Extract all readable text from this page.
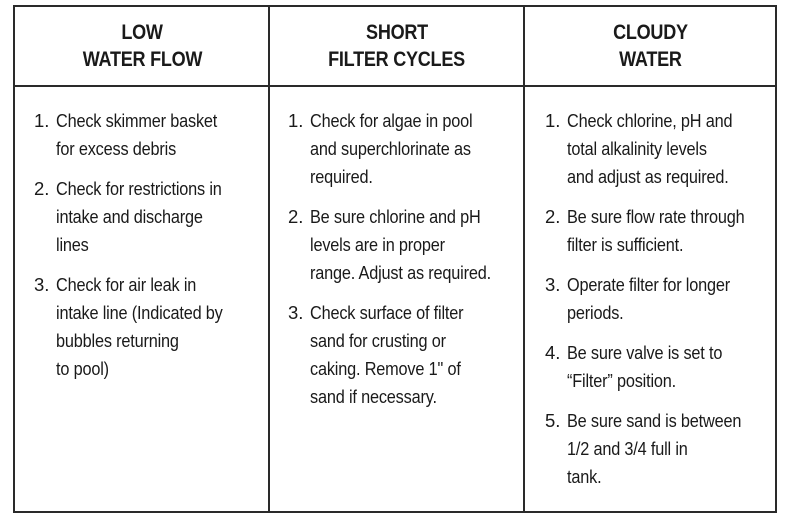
LOW
WATER FLOW
1. Check skimmer basket
for excess debris
2. Check for restrictions in
intake and discharge
lines
3. Check for air leak in
intake line (Indicated by
bubbles returning
to pool)
SHORT
FILTER CYCLES
1. Check for algae in pool
and superchlorinate as
required.
2. Be sure chlorine and pH
levels are in proper
range. Adjust as required.
3. Check surface of filter
sand for crusting or
caking. Remove 1" of
sand if necessary.
CLOUDY
WATER
1. Check chlorine, pH and
total alkalinity levels
and adjust as required.
2. Be sure flow rate through
filter is sufficient.
3. Operate filter for longer
periods.
4. Be sure valve is set to
“Filter” position.
5. Be sure sand is between
1/2 and 3/4 full in
tank.
